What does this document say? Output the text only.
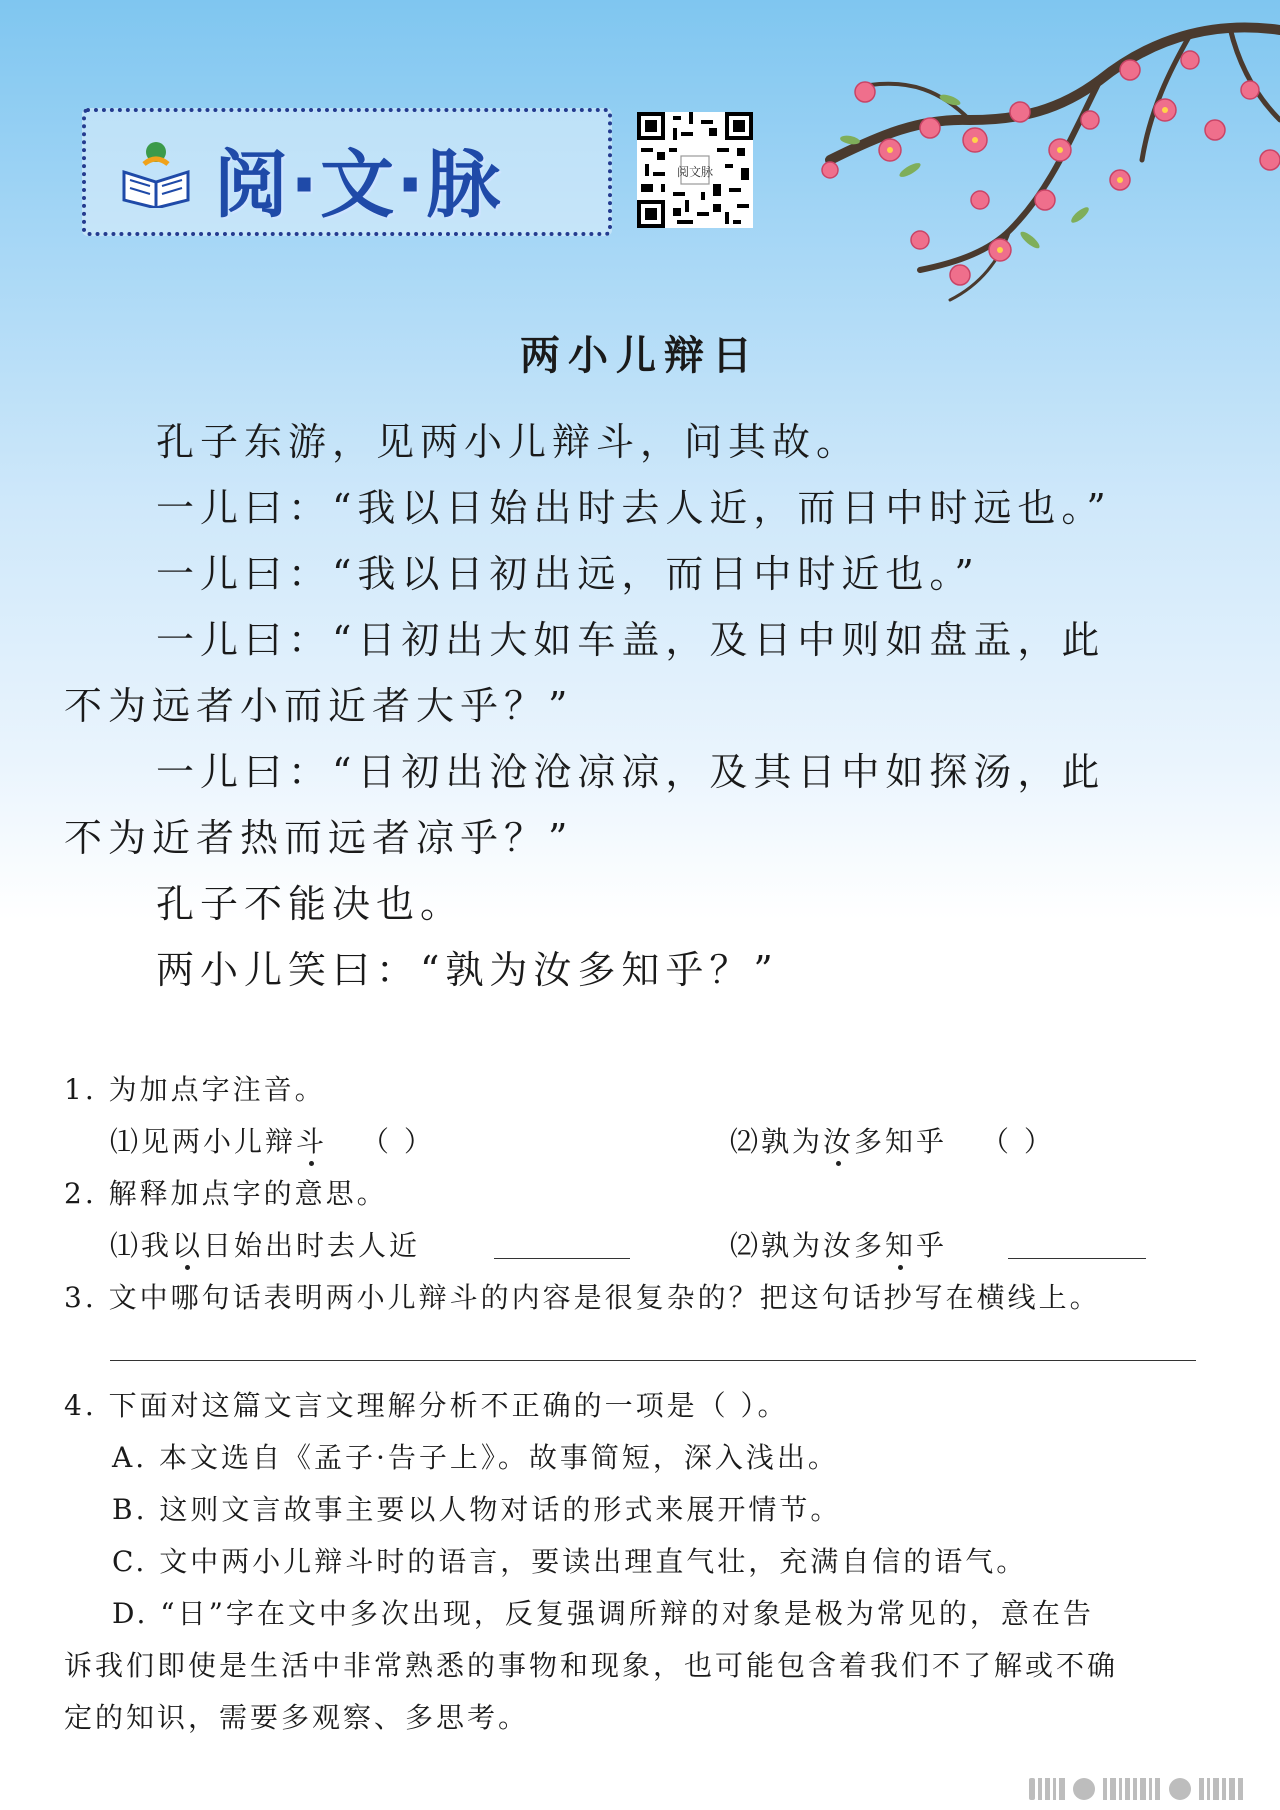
阅·文·脉	阅文脉
两小儿辩日
孔子东游，见两小儿辩斗，问其故。
一儿曰：“我以日始出时去人近，而日中时远也。”
一儿曰：“我以日初出远，而日中时近也。”
一儿曰：“日初出大如车盖，及日中则如盘盂，此
不为远者小而近者大乎？”
一儿曰：“日初出沧沧凉凉，及其日中如探汤，此
不为近者热而远者凉乎？”
孔子不能决也。
两小儿笑曰：“孰为汝多知乎？”
1. 为加点字注音。
⑴见两小儿辩斗 （ ）	⑵孰为汝多知乎 （ ）
2. 解释加点字的意思。
⑴我以日始出时去人近	⑵孰为汝多知乎
3. 文中哪句话表明两小儿辩斗的内容是很复杂的？把这句话抄写在横线上。
4. 下面对这篇文言文理解分析不正确的一项是（ ）。
A. 本文选自《孟子·告子上》。故事简短，深入浅出。
B. 这则文言故事主要以人物对话的形式来展开情节。
C. 文中两小儿辩斗时的语言，要读出理直气壮，充满自信的语气。
D. “日”字在文中多次出现，反复强调所辩的对象是极为常见的，意在告
诉我们即使是生活中非常熟悉的事物和现象，也可能包含着我们不了解或不确
定的知识，需要多观察、多思考。
